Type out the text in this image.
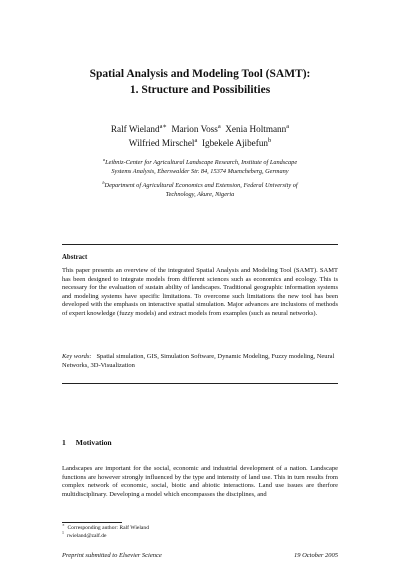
Spatial Analysis and Modeling Tool (SAMT):
1. Structure and Possibilities
Ralf Wieland$^{a∗}$ Marion Voss$^a$ Xenia Holtmann$^a$
Wilfried Mirschel$^a$ Igbekele Ajibefun$^b$
$^a$Leibniz-Center for Agricultural Landscape Research, Institute of Landscape
Systems Analysis, Eberswalder Str. 84, 15374 Muencheberg, Germany
$^b$Department of Agricultural Economics and Extension, Federal University of
Technology, Akure, Nigeria
Abstract

This paper presents an overview of the integrated Spatial Analysis and Modeling Tool (SAMT). SAMT has been designed to integrate models from different sciences such as economics and ecology. This is necessary for the evaluation of sustain ability of landscapes. Traditional geographic information systems and modeling systems have specific limitations. To overcome such limitations the new tool has been developed with the emphasis on interactive spatial simulation. Major advances are inclusions of methods of expert knowledge (fuzzy models) and extract models from examples (such as neural networks).

Key words: Spatial simulation, GIS, Simulation Software, Dynamic Modeling, Fuzzy modeling, Neural Networks, 3D-Visualization

1 Motivation

Landscapes are important for the social, economic and industrial development of a nation. Landscape functions are however strongly influenced by the type and intensity of land use. This in turn results from complex network of economic, social, biotic and abiotic interactions. Land use issues are therfore multidisciplinary. Developing a model which encompasses the disciplines, and

∗ Corresponding author: Ralf Wieland
$^1$ rwieland@zalf.de
Preprint submitted to Elsevier Science	19 October 2005
